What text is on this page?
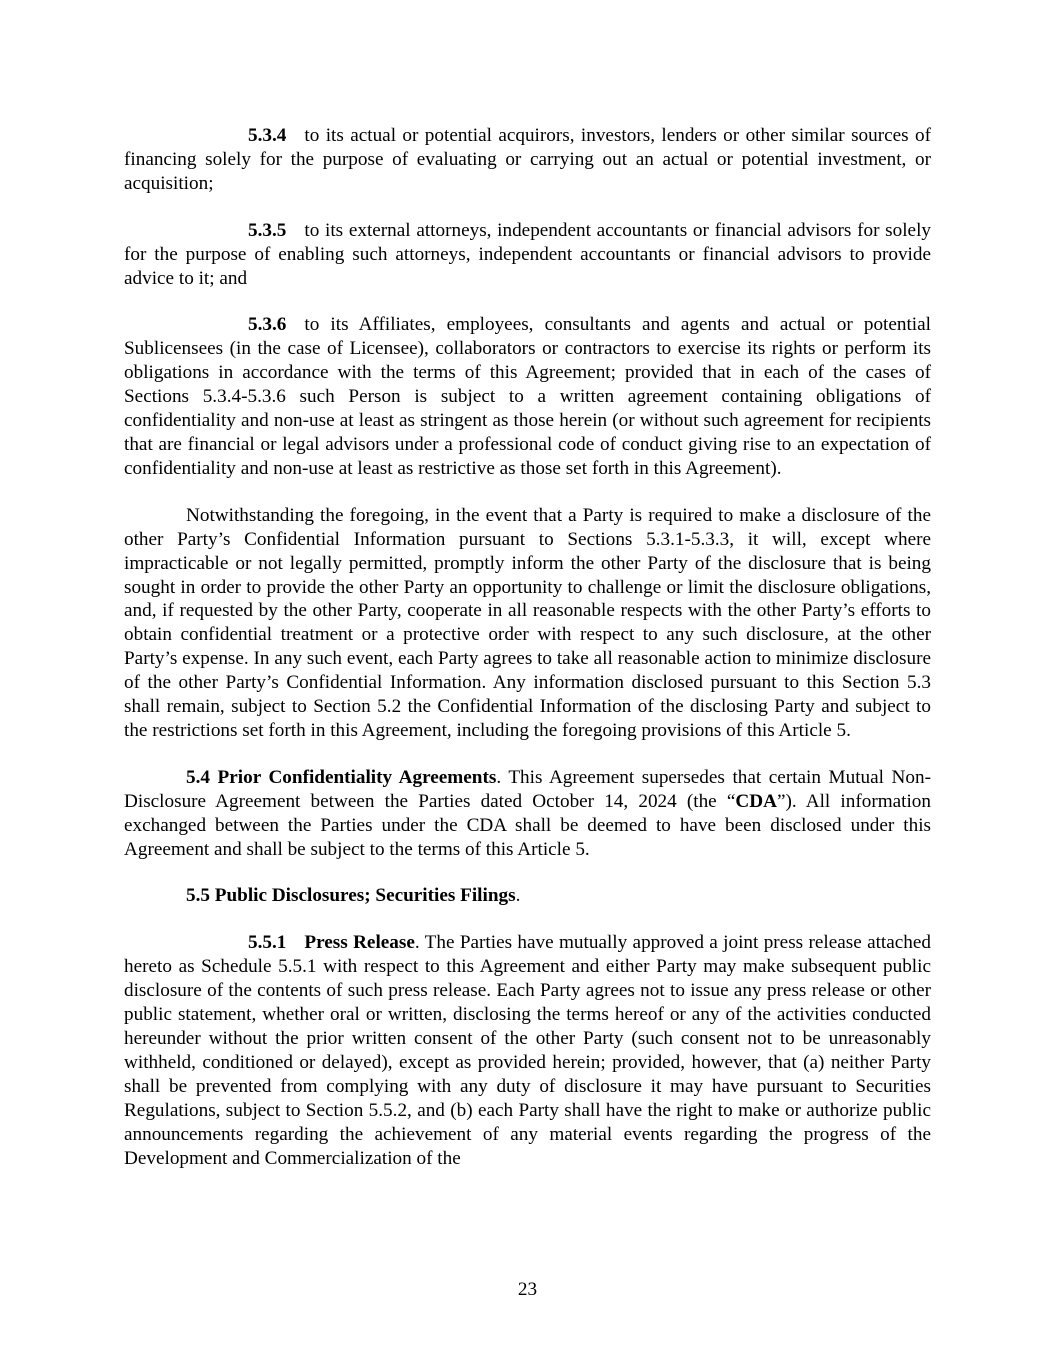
5.3.4 to its actual or potential acquirors, investors, lenders or other similar sources of financing solely for the purpose of evaluating or carrying out an actual or potential investment, or acquisition;

5.3.5 to its external attorneys, independent accountants or financial advisors for solely for the purpose of enabling such attorneys, independent accountants or financial advisors to provide advice to it; and

5.3.6 to its Affiliates, employees, consultants and agents and actual or potential Sublicensees (in the case of Licensee), collaborators or contractors to exercise its rights or perform its obligations in accordance with the terms of this Agreement; provided that in each of the cases of Sections 5.3.4-5.3.6 such Person is subject to a written agreement containing obligations of confidentiality and non-use at least as stringent as those herein (or without such agreement for recipients that are financial or legal advisors under a professional code of conduct giving rise to an expectation of confidentiality and non-use at least as restrictive as those set forth in this Agreement).

Notwithstanding the foregoing, in the event that a Party is required to make a disclosure of the other Party’s Confidential Information pursuant to Sections 5.3.1-5.3.3, it will, except where impracticable or not legally permitted, promptly inform the other Party of the disclosure that is being sought in order to provide the other Party an opportunity to challenge or limit the disclosure obligations, and, if requested by the other Party, cooperate in all reasonable respects with the other Party’s efforts to obtain confidential treatment or a protective order with respect to any such disclosure, at the other Party’s expense. In any such event, each Party agrees to take all reasonable action to minimize disclosure of the other Party’s Confidential Information. Any information disclosed pursuant to this Section 5.3 shall remain, subject to Section 5.2 the Confidential Information of the disclosing Party and subject to the restrictions set forth in this Agreement, including the foregoing provisions of this Article 5.

5.4 Prior Confidentiality Agreements. This Agreement supersedes that certain Mutual Non-Disclosure Agreement between the Parties dated October 14, 2024 (the “CDA”). All information exchanged between the Parties under the CDA shall be deemed to have been disclosed under this Agreement and shall be subject to the terms of this Article 5.

5.5 Public Disclosures; Securities Filings.

5.5.1 Press Release. The Parties have mutually approved a joint press release attached hereto as Schedule 5.5.1 with respect to this Agreement and either Party may make subsequent public disclosure of the contents of such press release. Each Party agrees not to issue any press release or other public statement, whether oral or written, disclosing the terms hereof or any of the activities conducted hereunder without the prior written consent of the other Party (such consent not to be unreasonably withheld, conditioned or delayed), except as provided herein; provided, however, that (a) neither Party shall be prevented from complying with any duty of disclosure it may have pursuant to Securities Regulations, subject to Section 5.5.2, and (b) each Party shall have the right to make or authorize public announcements regarding the achievement of any material events regarding the progress of the Development and Commercialization of the

23
